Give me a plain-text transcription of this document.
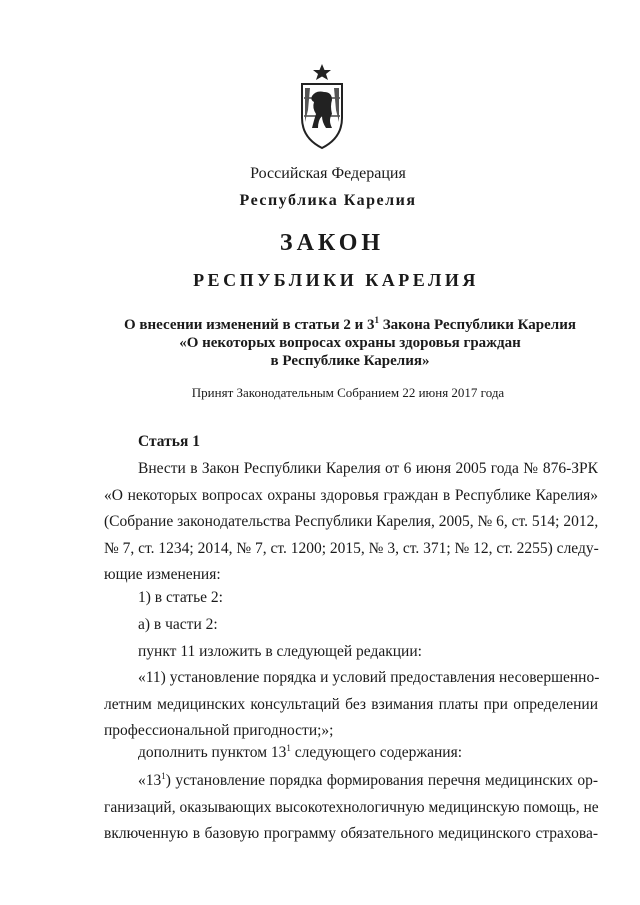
Российская Федерация
Республика Карелия
ЗАКОН
РЕСПУБЛИКИ КАРЕЛИЯ
О внесении изменений в статьи 2 и $3^1$ Закона Республики Карелия
«О некоторых вопросах охраны здоровья граждан
в Республике Карелия»
Принят Законодательным Собранием 22 июня 2017 года
Статья 1
Внести в Закон Республики Карелия от 6 июня 2005 года № 876-ЗРК
«О некоторых вопросах охраны здоровья граждан в Республике Карелия»
(Собрание законодательства Республики Карелия, 2005, № 6, ст. 514; 2012,
№ 7, ст. 1234; 2014, № 7, ст. 1200; 2015, № 3, ст. 371; № 12, ст. 2255) следу-
ющие изменения:
1) в статье 2:
а) в части 2:
пункт 11 изложить в следующей редакции:
«11) установление порядка и условий предоставления несовершенно-
летним медицинских консультаций без взимания платы при определении
профессиональной пригодности;»;
дополнить пунктом $13^1$ следующего содержания:
«$13^1$) установление порядка формирования перечня медицинских ор-
ганизаций, оказывающих высокотехнологичную медицинскую помощь, не
включенную в базовую программу обязательного медицинского страхова-
